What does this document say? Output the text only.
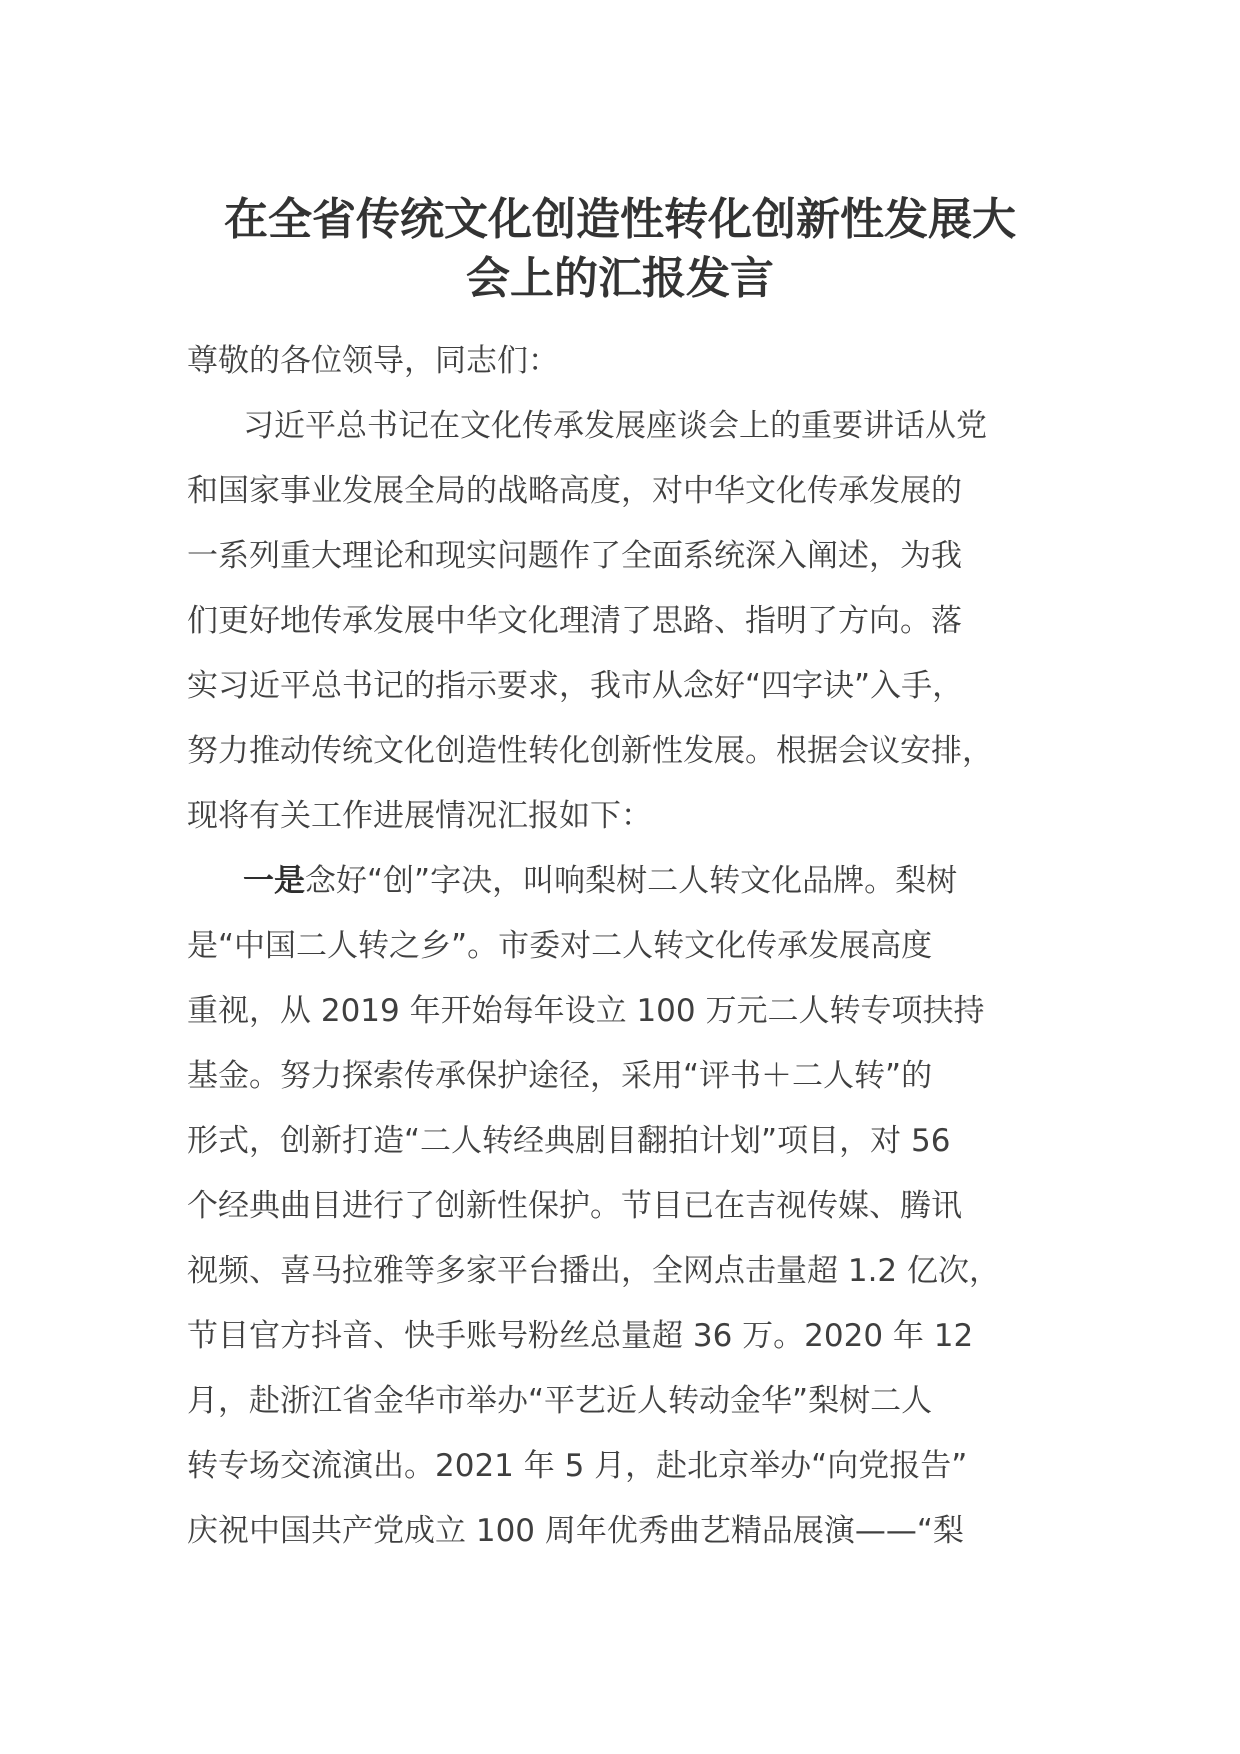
在全省传统文化创造性转化创新性发展大
会上的汇报发言
尊敬的各位领导，同志们：
习近平总书记在文化传承发展座谈会上的重要讲话从党
和国家事业发展全局的战略高度，对中华文化传承发展的
一系列重大理论和现实问题作了全面系统深入阐述，为我
们更好地传承发展中华文化理清了思路、指明了方向。落
实习近平总书记的指示要求，我市从念好“四字诀”入手，
努力推动传统文化创造性转化创新性发展。根据会议安排，
现将有关工作进展情况汇报如下：
一是念好“创”字决，叫响梨树二人转文化品牌。梨树
是“中国二人转之乡”。市委对二人转文化传承发展高度
重视，从 2019 年开始每年设立 100 万元二人转专项扶持
基金。努力探索传承保护途径，采用“评书＋二人转”的
形式，创新打造“二人转经典剧目翻拍计划”项目，对 56
个经典曲目进行了创新性保护。节目已在吉视传媒、腾讯
视频、喜马拉雅等多家平台播出，全网点击量超 1.2 亿次，
节目官方抖音、快手账号粉丝总量超 36 万。2020 年 12
月，赴浙江省金华市举办“平艺近人转动金华”梨树二人
转专场交流演出。2021 年 5 月，赴北京举办“向党报告”
庆祝中国共产党成立 100 周年优秀曲艺精品展演——“梨
